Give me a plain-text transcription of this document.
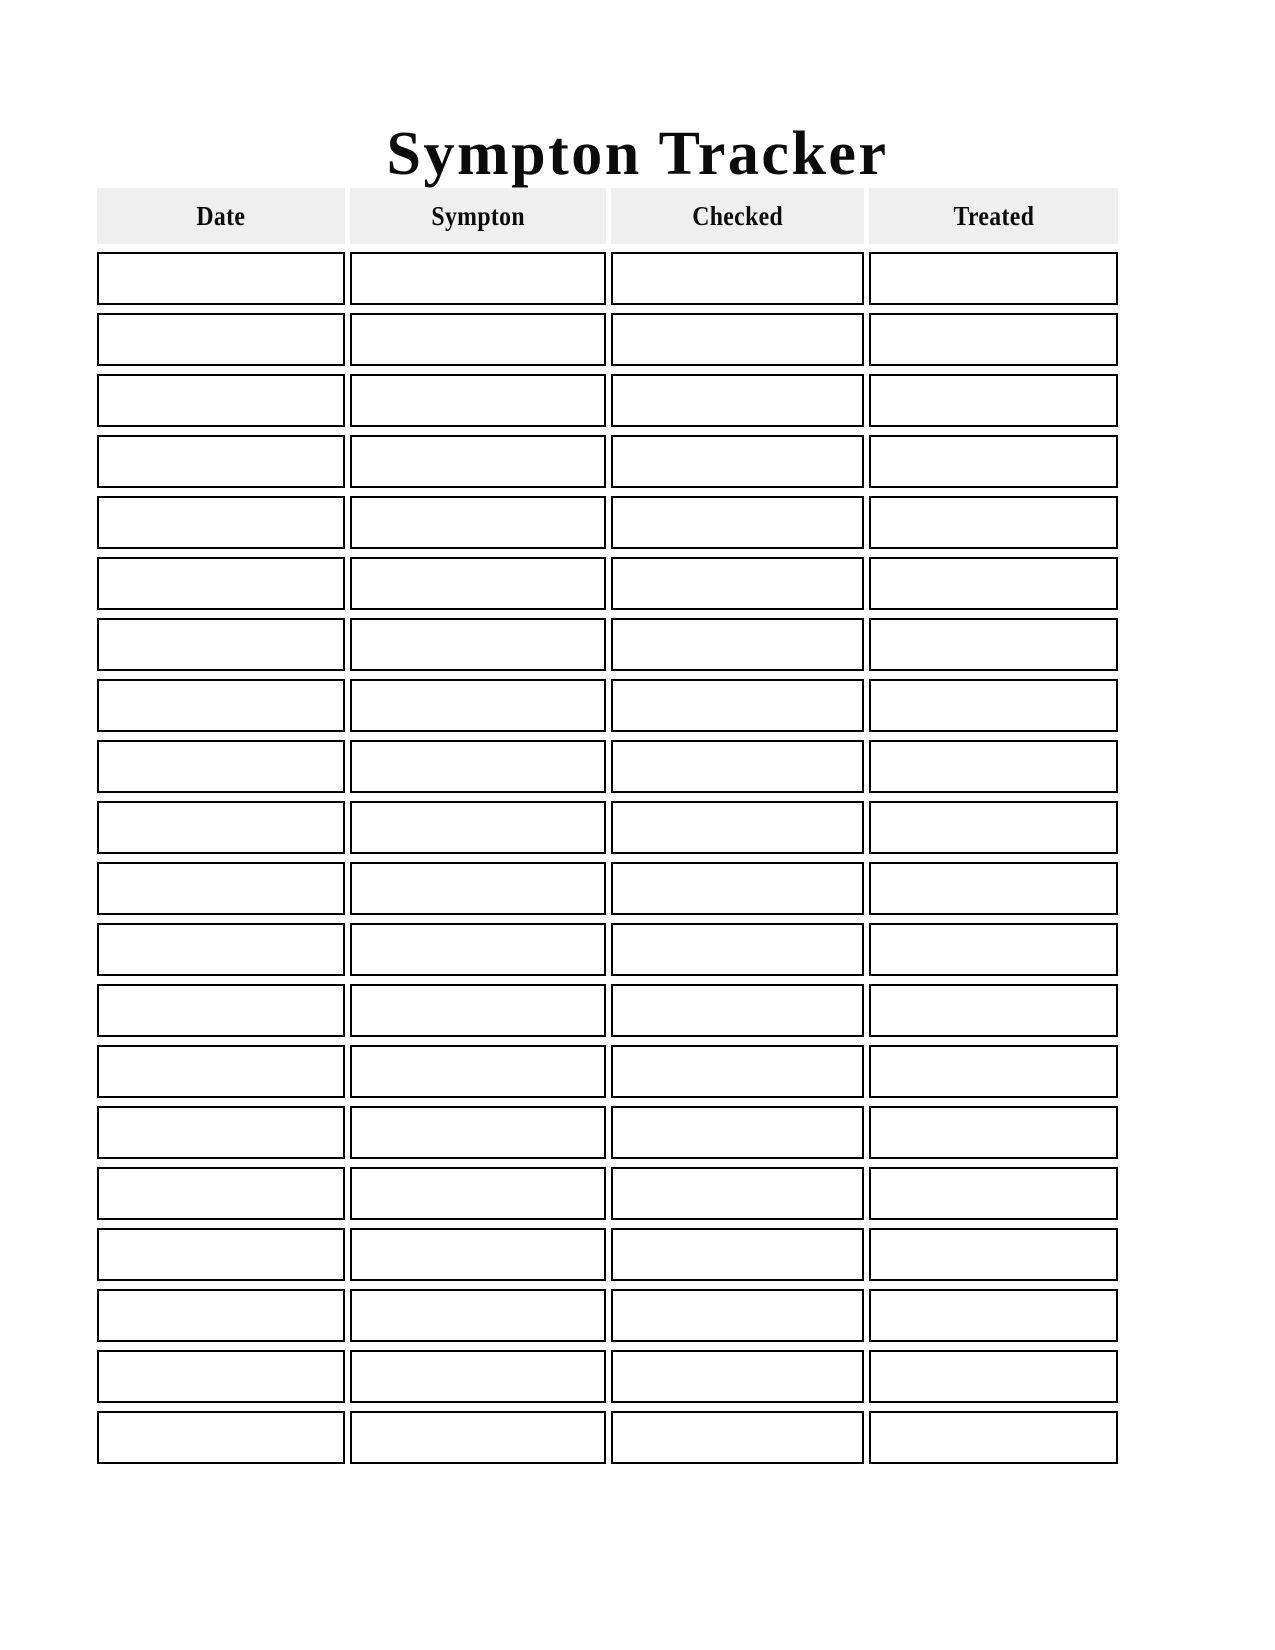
Sympton Tracker
Date	Sympton	Checked	Treated
